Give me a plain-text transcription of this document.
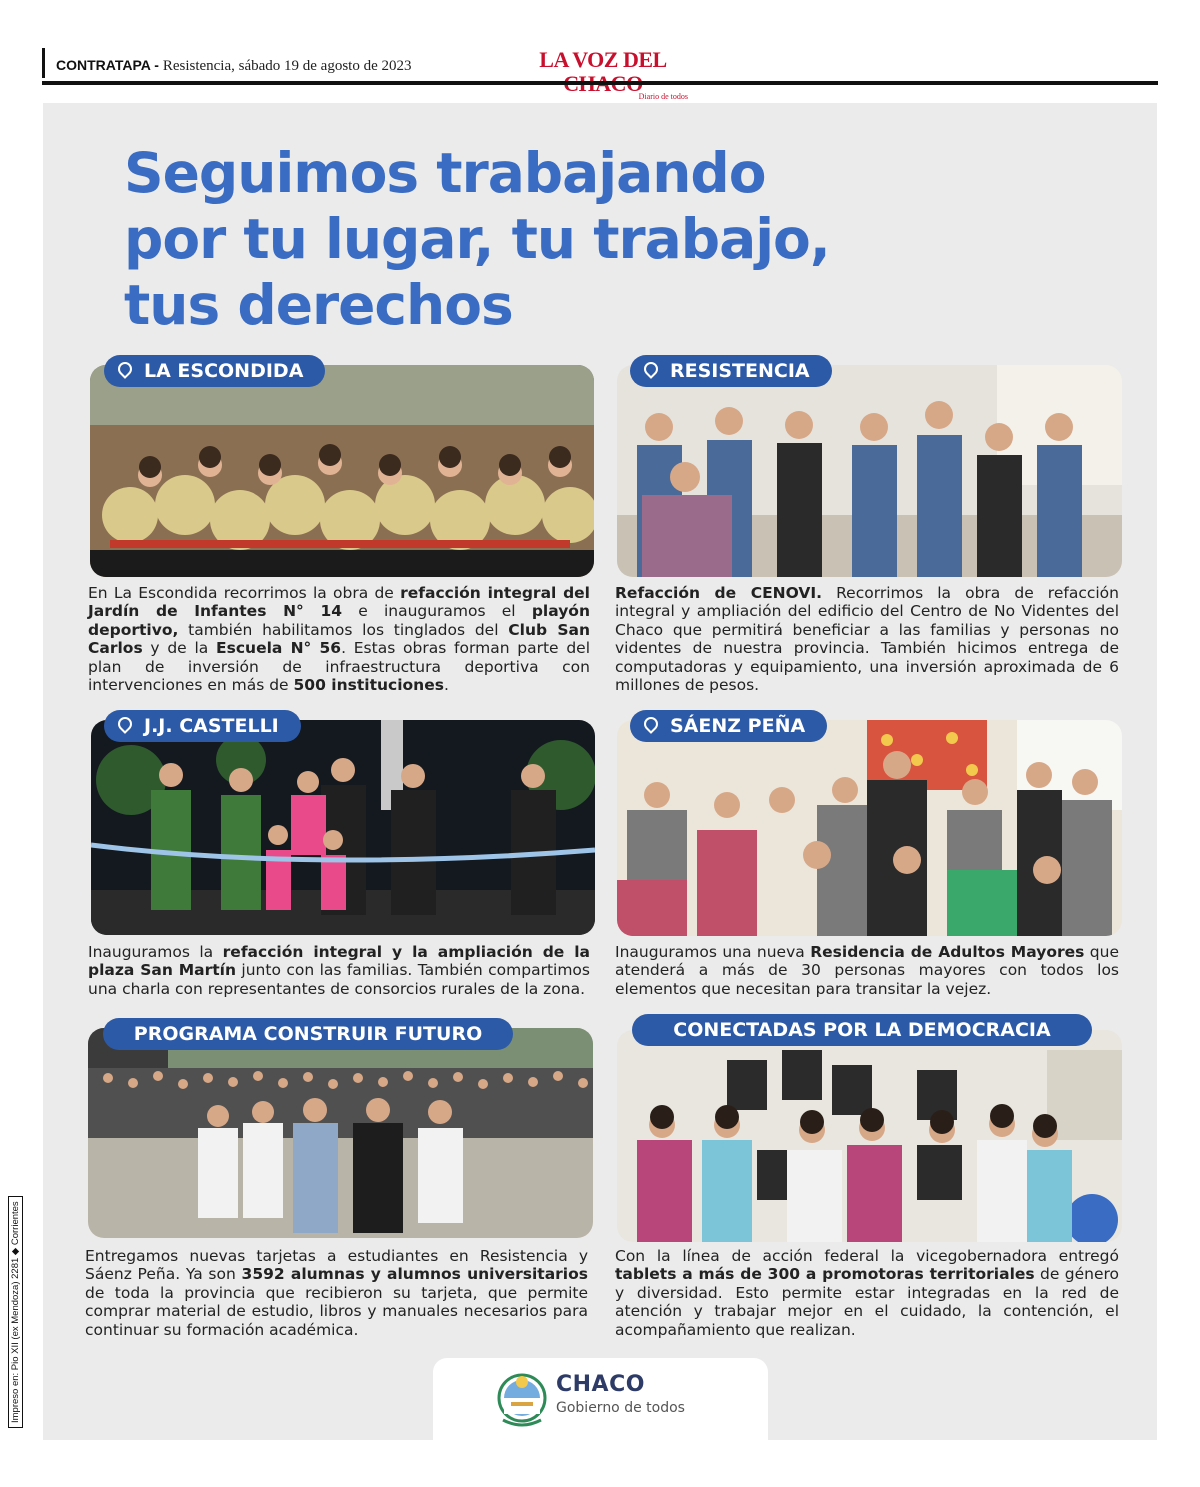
CONTRATAPA - Resistencia, sábado 19 de agosto de 2023	LA VOZ DEL
Diario de todos
Seguimos trabajando
por tu lugar, tu trabajo,
tus derechos
LA ESCONDIDA
En La Escondida recorrimos la obra de refacción integral del Jardín de Infantes N° 14 e inauguramos el playón deportivo, también habilitamos los tinglados del Club San Carlos y de la Escuela N° 56. Estas obras forman parte del plan de inversión de infraestructura deportiva con intervenciones en más de 500 instituciones.
RESISTENCIA
Refacción de CENOVI. Recorrimos la obra de refacción integral y ampliación del edificio del Centro de No Videntes del Chaco que permitirá beneficiar a las familias y personas no videntes de nuestra provincia. También hicimos entrega de computadoras y equipamiento, una inversión aproximada de 6 millones de pesos.
J.J. CASTELLI
Inauguramos la refacción integral y la ampliación de la plaza San Martín junto con las familias. También compartimos una charla con representantes de consorcios rurales de la zona.
SÁENZ PEÑA
Inauguramos una nueva Residencia de Adultos Mayores que atenderá a más de 30 personas mayores con todos los elementos que necesitan para transitar la vejez.
PROGRAMA CONSTRUIR FUTURO
Entregamos nuevas tarjetas a estudiantes en Resistencia y Sáenz Peña. Ya son 3592 alumnas y alumnos universitarios de toda la provincia que recibieron su tarjeta, que permite comprar material de estudio, libros y manuales necesarios para continuar su formación académica.
CONECTADAS POR LA DEMOCRACIA
Con la línea de acción federal la vicegobernadora entregó tablets a más de 300 a promotoras territoriales de género y diversidad. Esto permite estar integradas en la red de atención y trabajar mejor en el cuidado, la contención, el acompañamiento que realizan.
Impreso en: Pio XII (ex Mendoza) 2281 ◆ Corrientes	CHACO
Gobierno de todos
